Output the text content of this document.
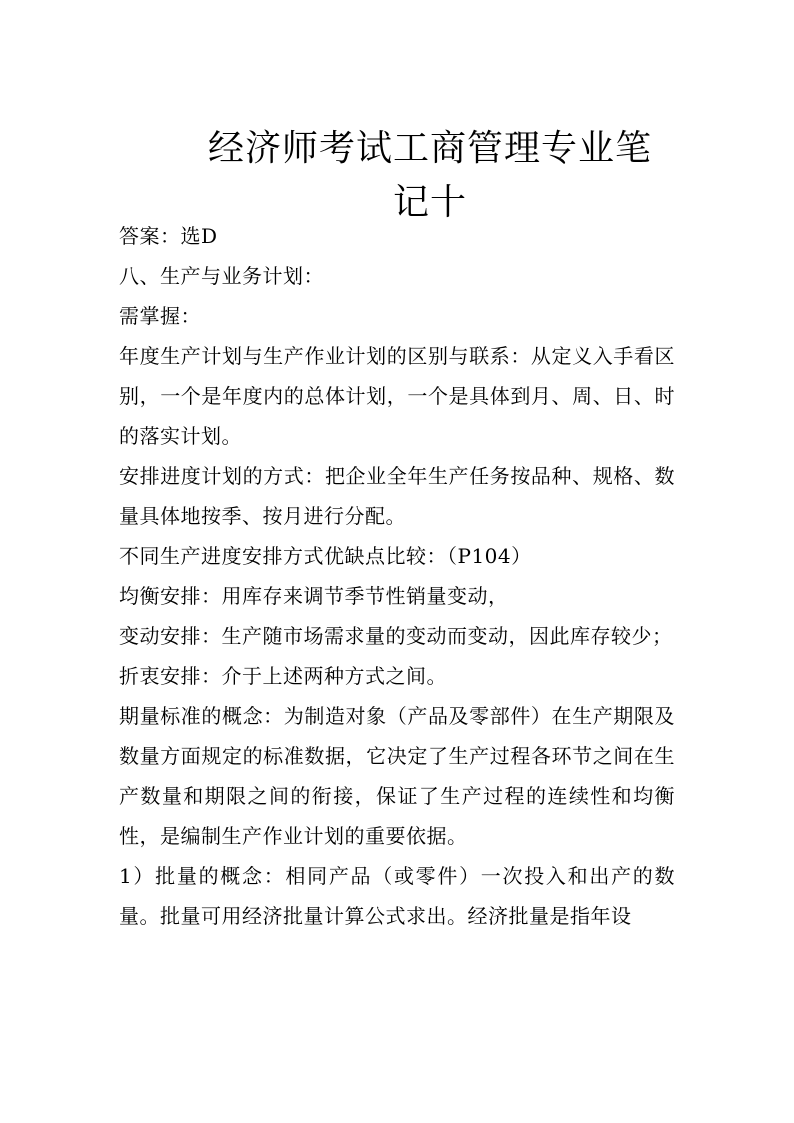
经济师考试工商管理专业笔
记十

答案：选D

八、生产与业务计划：

需掌握：

年度生产计划与生产作业计划的区别与联系：从定义入手看区别，一个是年度内的总体计划，一个是具体到月、周、日、时的落实计划。

安排进度计划的方式：把企业全年生产任务按品种、规格、数量具体地按季、按月进行分配。

不同生产进度安排方式优缺点比较：（P104）

均衡安排：用库存来调节季节性销量变动，

变动安排：生产随市场需求量的变动而变动，因此库存较少；

折衷安排：介于上述两种方式之间。

期量标准的概念：为制造对象（产品及零部件）在生产期限及数量方面规定的标准数据，它决定了生产过程各环节之间在生产数量和期限之间的衔接，保证了生产过程的连续性和均衡性，是编制生产作业计划的重要依据。

1）批量的概念：相同产品（或零件）一次投入和出产的数量。批量可用经济批量计算公式求出。经济批量是指年设
